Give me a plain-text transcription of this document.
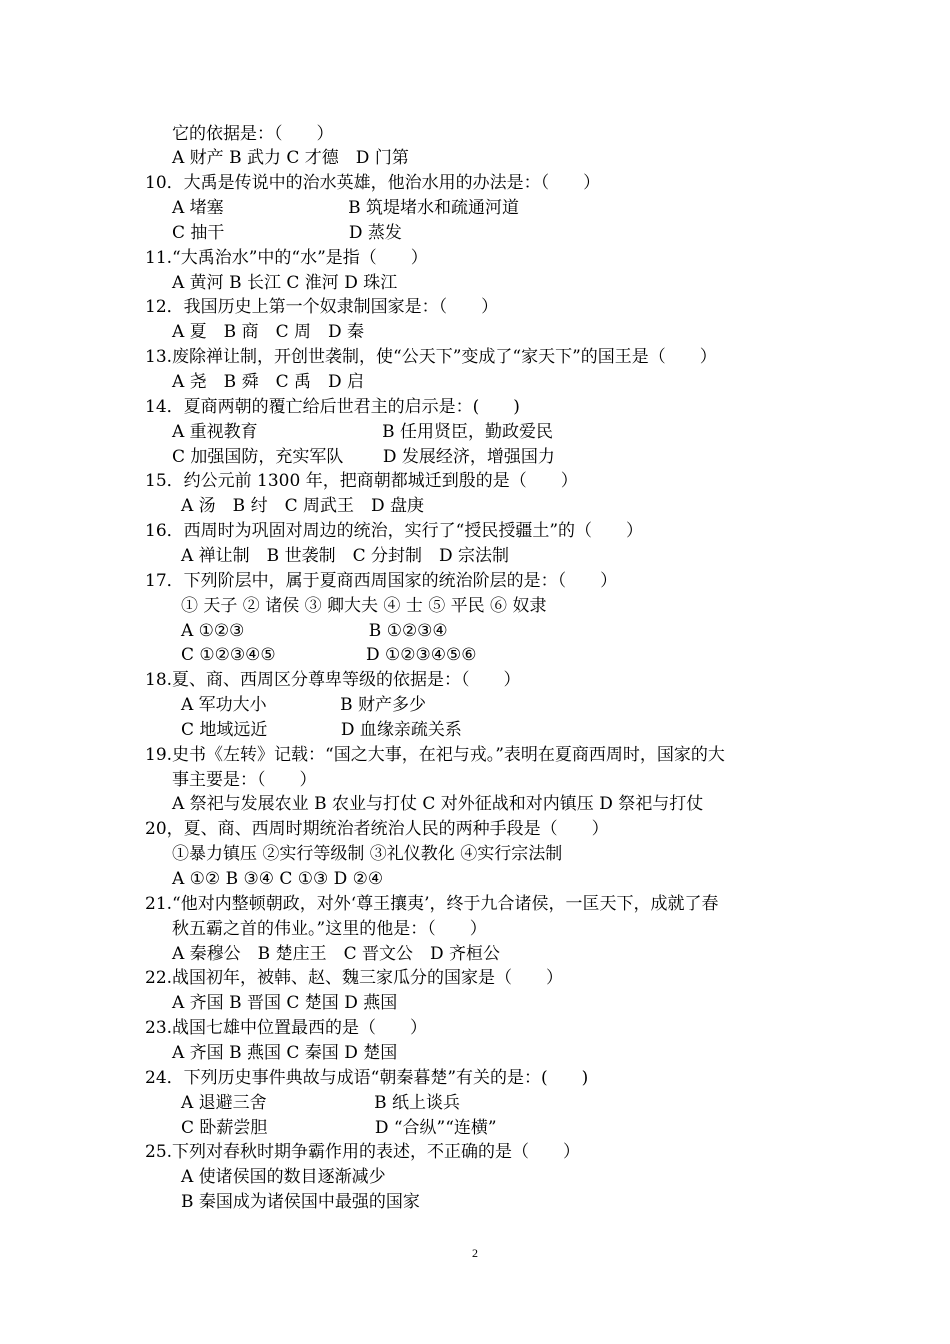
它的依据是：（　　）
A 财产 B 武力 C 才德　D 门第
10．大禹是传说中的治水英雄，他治水用的办法是：（　　）
A 堵塞　　　　　　　 B 筑堤堵水和疏通河道
C 抽干　　　　　　　 D 蒸发
11.“大禹治水”中的“水”是指（　　）
A 黄河 B 长江 C 淮河 D 珠江
12．我国历史上第一个奴隶制国家是：（　　）
A 夏　B 商　C 周　D 秦
13.废除禅让制，开创世袭制，使“公天下”变成了“家天下”的国王是（　　）
A 尧　B 舜　C 禹　D 启
14．夏商两朝的覆亡给后世君主的启示是：(　　)
A 重视教育　　　　　　　 B 任用贤臣，勤政爱民
C 加强国防，充实军队　　 D 发展经济，增强国力
15．约公元前 1300 年，把商朝都城迁到殷的是（　　）
A 汤　B 纣　C 周武王　D 盘庚
16．西周时为巩固对周边的统治，实行了“授民授疆土”的（　　）
A 禅让制　B 世袭制　C 分封制　D 宗法制
17．下列阶层中，属于夏商西周国家的统治阶层的是：（　　）
① 天子 ② 诸侯 ③ 卿大夫 ④ 士 ⑤ 平民 ⑥ 奴隶
A ①②③　　　　　　　 B ①②③④
C ①②③④⑤　　　　　 D ①②③④⑤⑥
18.夏、商、西周区分尊卑等级的依据是：（　　）
A 军功大小　　　　 B 财产多少
C 地域远近　　　　 D 血缘亲疏关系
19.史书《左转》记载：“国之大事，在祀与戎。”表明在夏商西周时，国家的大
事主要是：（　　）
A 祭祀与发展农业 B 农业与打仗 C 对外征战和对内镇压 D 祭祀与打仗
20，夏、商、西周时期统治者统治人民的两种手段是（　　）
①暴力镇压 ②实行等级制 ③礼仪教化 ④实行宗法制
A ①② B ③④ C ①③ D ②④
21.“他对内整顿朝政，对外‘尊王攘夷’，终于九合诸侯，一匡天下，成就了春
秋五霸之首的伟业。”这里的他是：（　　）
A 秦穆公　B 楚庄王　C 晋文公　D 齐桓公
22.战国初年，被韩、赵、魏三家瓜分的国家是（　　）
A 齐国 B 晋国 C 楚国 D 燕国
23.战国七雄中位置最西的是（　　）
A 齐国 B 燕国 C 秦国 D 楚国
24．下列历史事件典故与成语“朝秦暮楚”有关的是：(　　)
A 退避三舍　　　　　　 B 纸上谈兵
C 卧薪尝胆　　　　　　 D “合纵”“连横”
25.下列对春秋时期争霸作用的表述，不正确的是（　　）
A 使诸侯国的数目逐渐减少
B 秦国成为诸侯国中最强的国家
2
